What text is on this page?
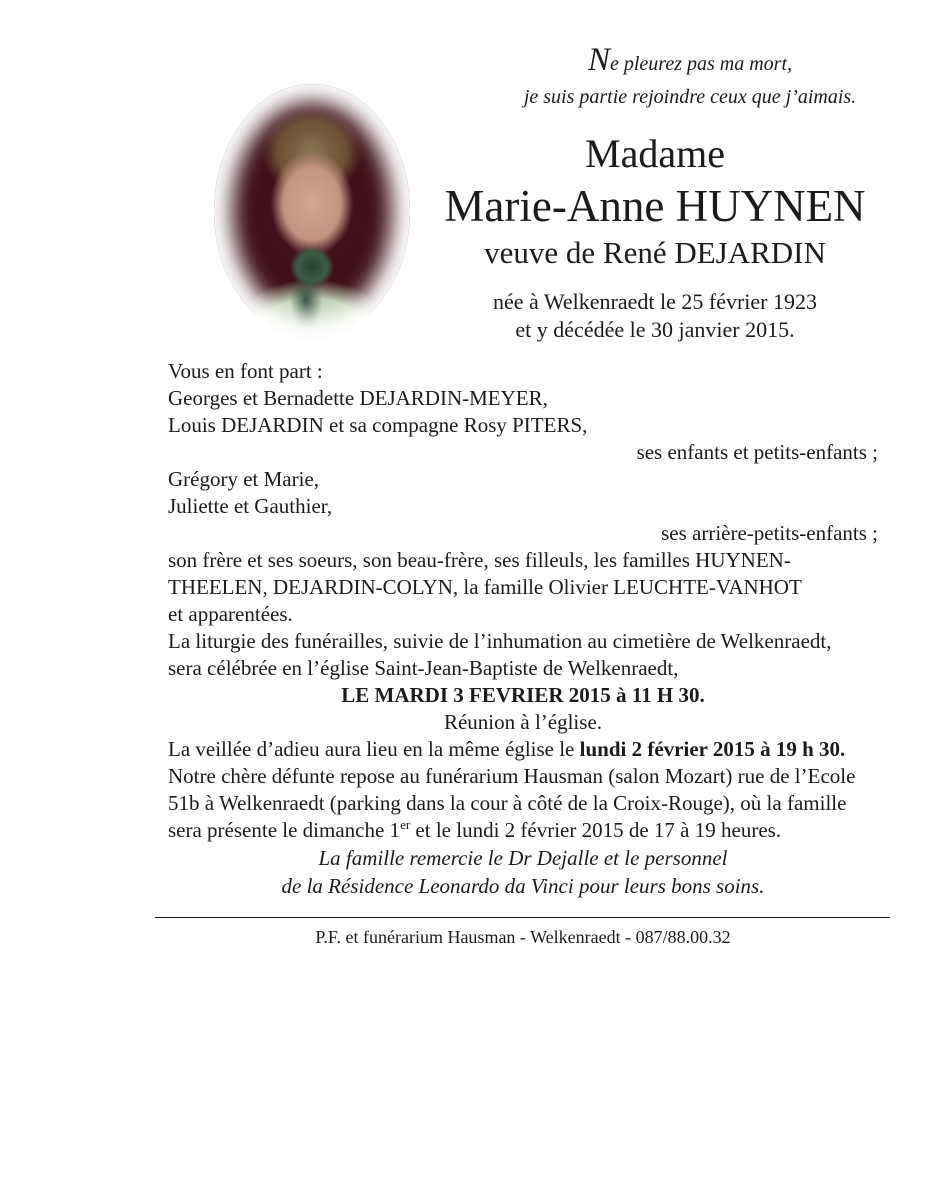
Ne pleurez pas ma mort,
je suis partie rejoindre ceux que j’aimais.
Madame
Marie-Anne HUYNEN
veuve de René DEJARDIN
née à Welkenraedt le 25 février 1923
et y décédée le 30 janvier 2015.

Vous en font part :

Georges et Bernadette DEJARDIN-MEYER,
Louis DEJARDIN et sa compagne Rosy PITERS,
ses enfants et petits-enfants ;
Grégory et Marie,
Juliette et Gauthier,
ses arrière-petits-enfants ;

son frère et ses soeurs, son beau-frère, ses filleuls, les familles HUYNEN-
THEELEN, DEJARDIN-COLYN, la famille Olivier LEUCHTE-VANHOT
et apparentées.

La liturgie des funérailles, suivie de l’inhumation au cimetière de Welkenraedt,
sera célébrée en l’église Saint-Jean-Baptiste de Welkenraedt,

LE MARDI 3 FEVRIER 2015 à 11 H 30.

Réunion à l’église.

La veillée d’adieu aura lieu en la même église le lundi 2 février 2015 à 19 h 30.

Notre chère défunte repose au funérarium Hausman (salon Mozart) rue de l’Ecole
51b à Welkenraedt (parking dans la cour à côté de la Croix-Rouge), où la famille
sera présente le dimanche 1er et le lundi 2 février 2015 de 17 à 19 heures.

La famille remercie le Dr Dejalle et le personnel
de la Résidence Leonardo da Vinci pour leurs bons soins.

P.F. et funérarium Hausman - Welkenraedt - 087/88.00.32
